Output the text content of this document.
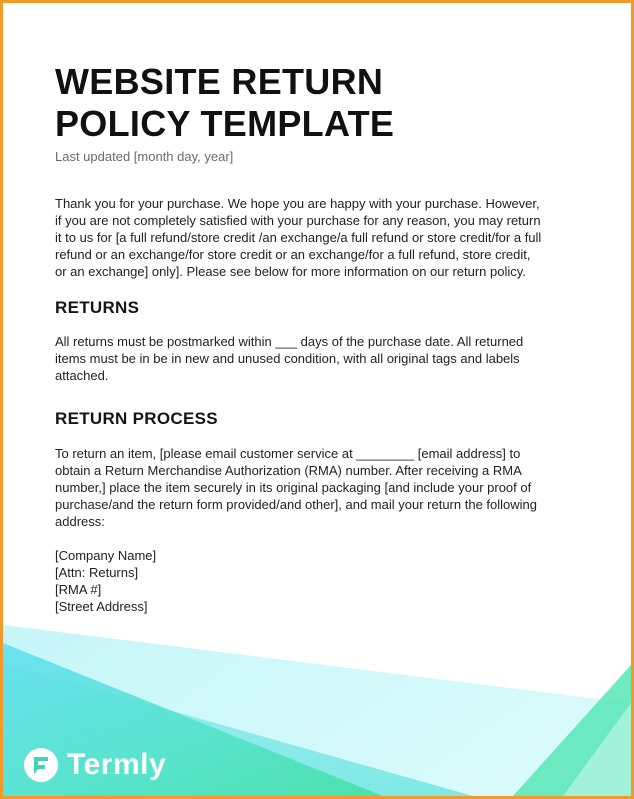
WEBSITE RETURN
POLICY TEMPLATE

Last updated [month day, year]

Thank you for your purchase. We hope you are happy with your purchase. However,
if you are not completely satisfied with your purchase for any reason, you may return
it to us for [a full refund/store credit /an exchange/a full refund or store credit/for a full
refund or an exchange/for store credit or an exchange/for a full refund, store credit,
or an exchange] only]. Please see below for more information on our return policy.

RETURNS

All returns must be postmarked within ___ days of the purchase date. All returned
items must be in be in new and unused condition, with all original tags and labels
attached.

RETURN PROCESS

To return an item, [please email customer service at ________ [email address] to
obtain a Return Merchandise Authorization (RMA) number. After receiving a RMA
number,] place the item securely in its original packaging [and include your proof of
purchase/and the return form provided/and other], and mail your return the following
address:

[Company Name]
[Attn: Returns]
[RMA #]
[Street Address]

Termly
